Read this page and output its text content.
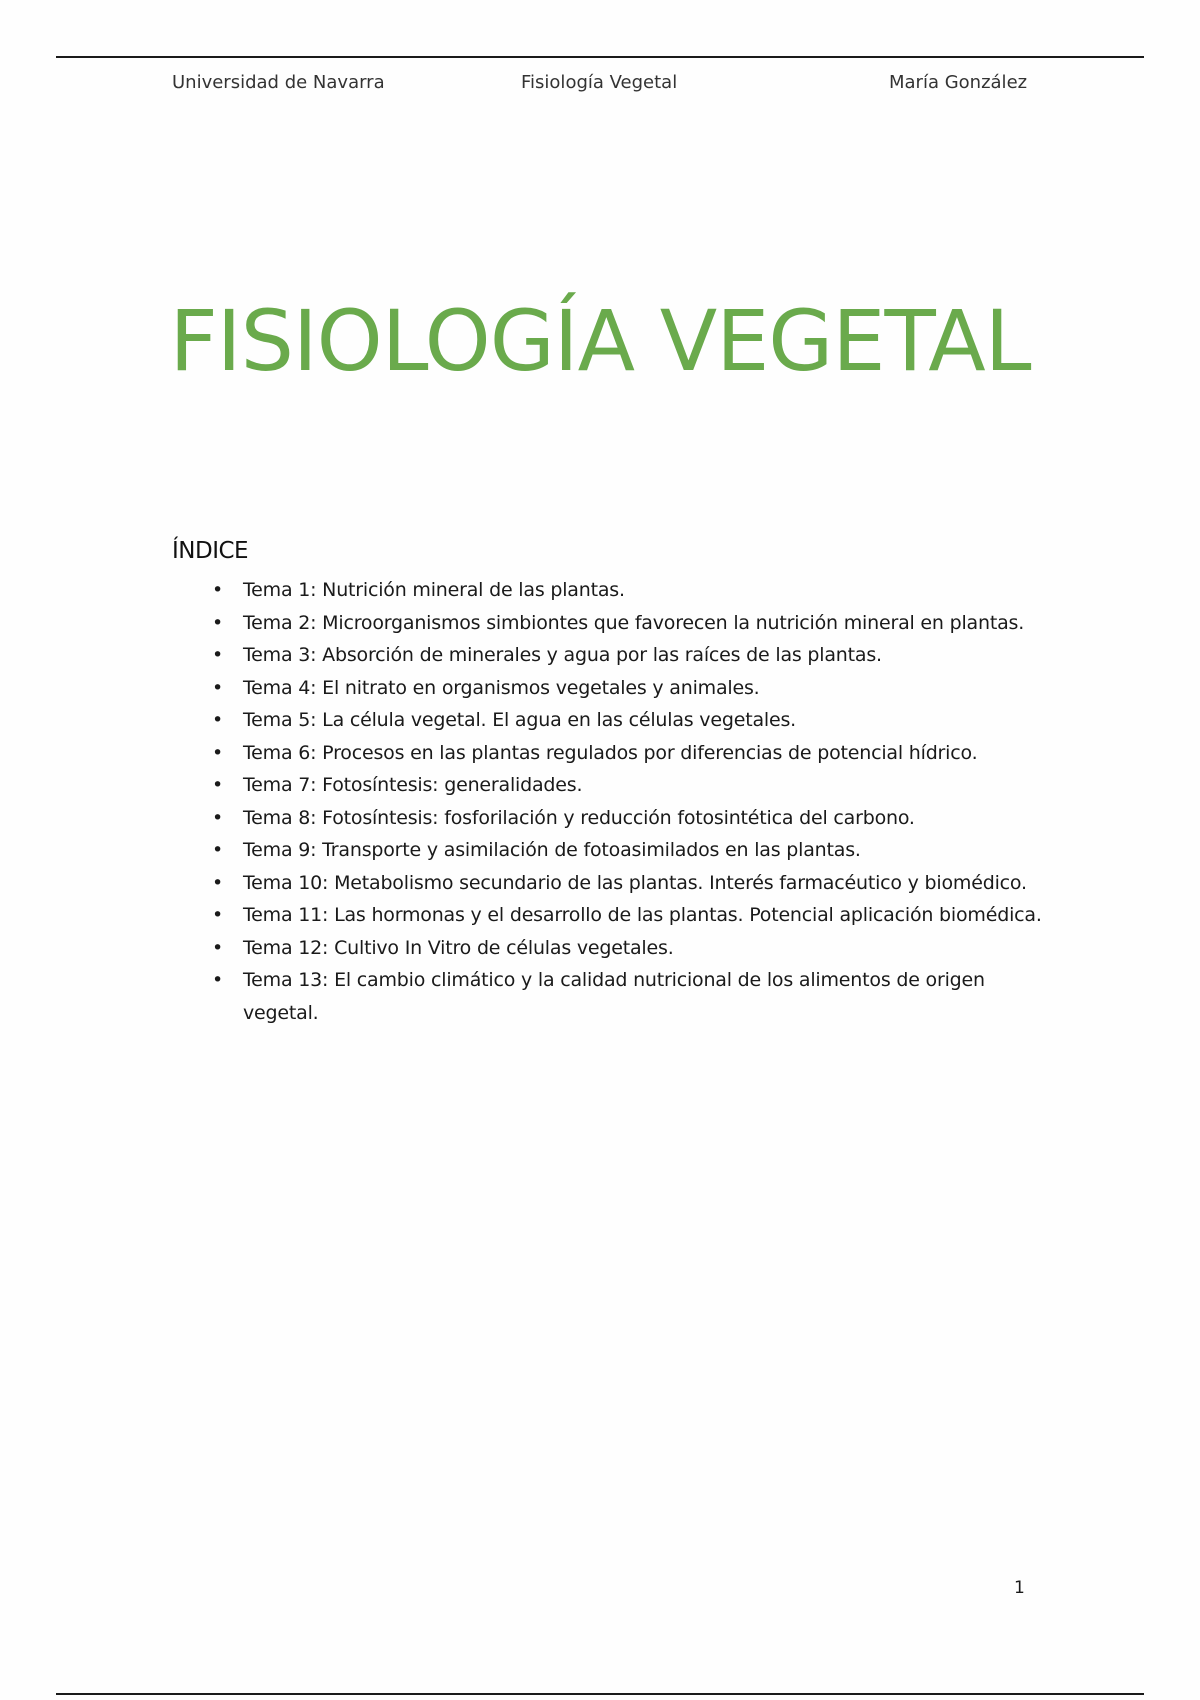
Universidad de Navarra	Fisiología Vegetal	María González
FISIOLOGÍA VEGETAL
ÍNDICE
• Tema 1: Nutrición mineral de las plantas.
• Tema 2: Microorganismos simbiontes que favorecen la nutrición mineral en plantas.
• Tema 3: Absorción de minerales y agua por las raíces de las plantas.
• Tema 4: El nitrato en organismos vegetales y animales.
• Tema 5: La célula vegetal. El agua en las células vegetales.
• Tema 6: Procesos en las plantas regulados por diferencias de potencial hídrico.
• Tema 7: Fotosíntesis: generalidades.
• Tema 8: Fotosíntesis: fosforilación y reducción fotosintética del carbono.
• Tema 9: Transporte y asimilación de fotoasimilados en las plantas.
• Tema 10: Metabolismo secundario de las plantas. Interés farmacéutico y biomédico.
• Tema 11: Las hormonas y el desarrollo de las plantas. Potencial aplicación biomédica.
• Tema 12: Cultivo In Vitro de células vegetales.
• Tema 13: El cambio climático y la calidad nutricional de los alimentos de origen vegetal.
1
